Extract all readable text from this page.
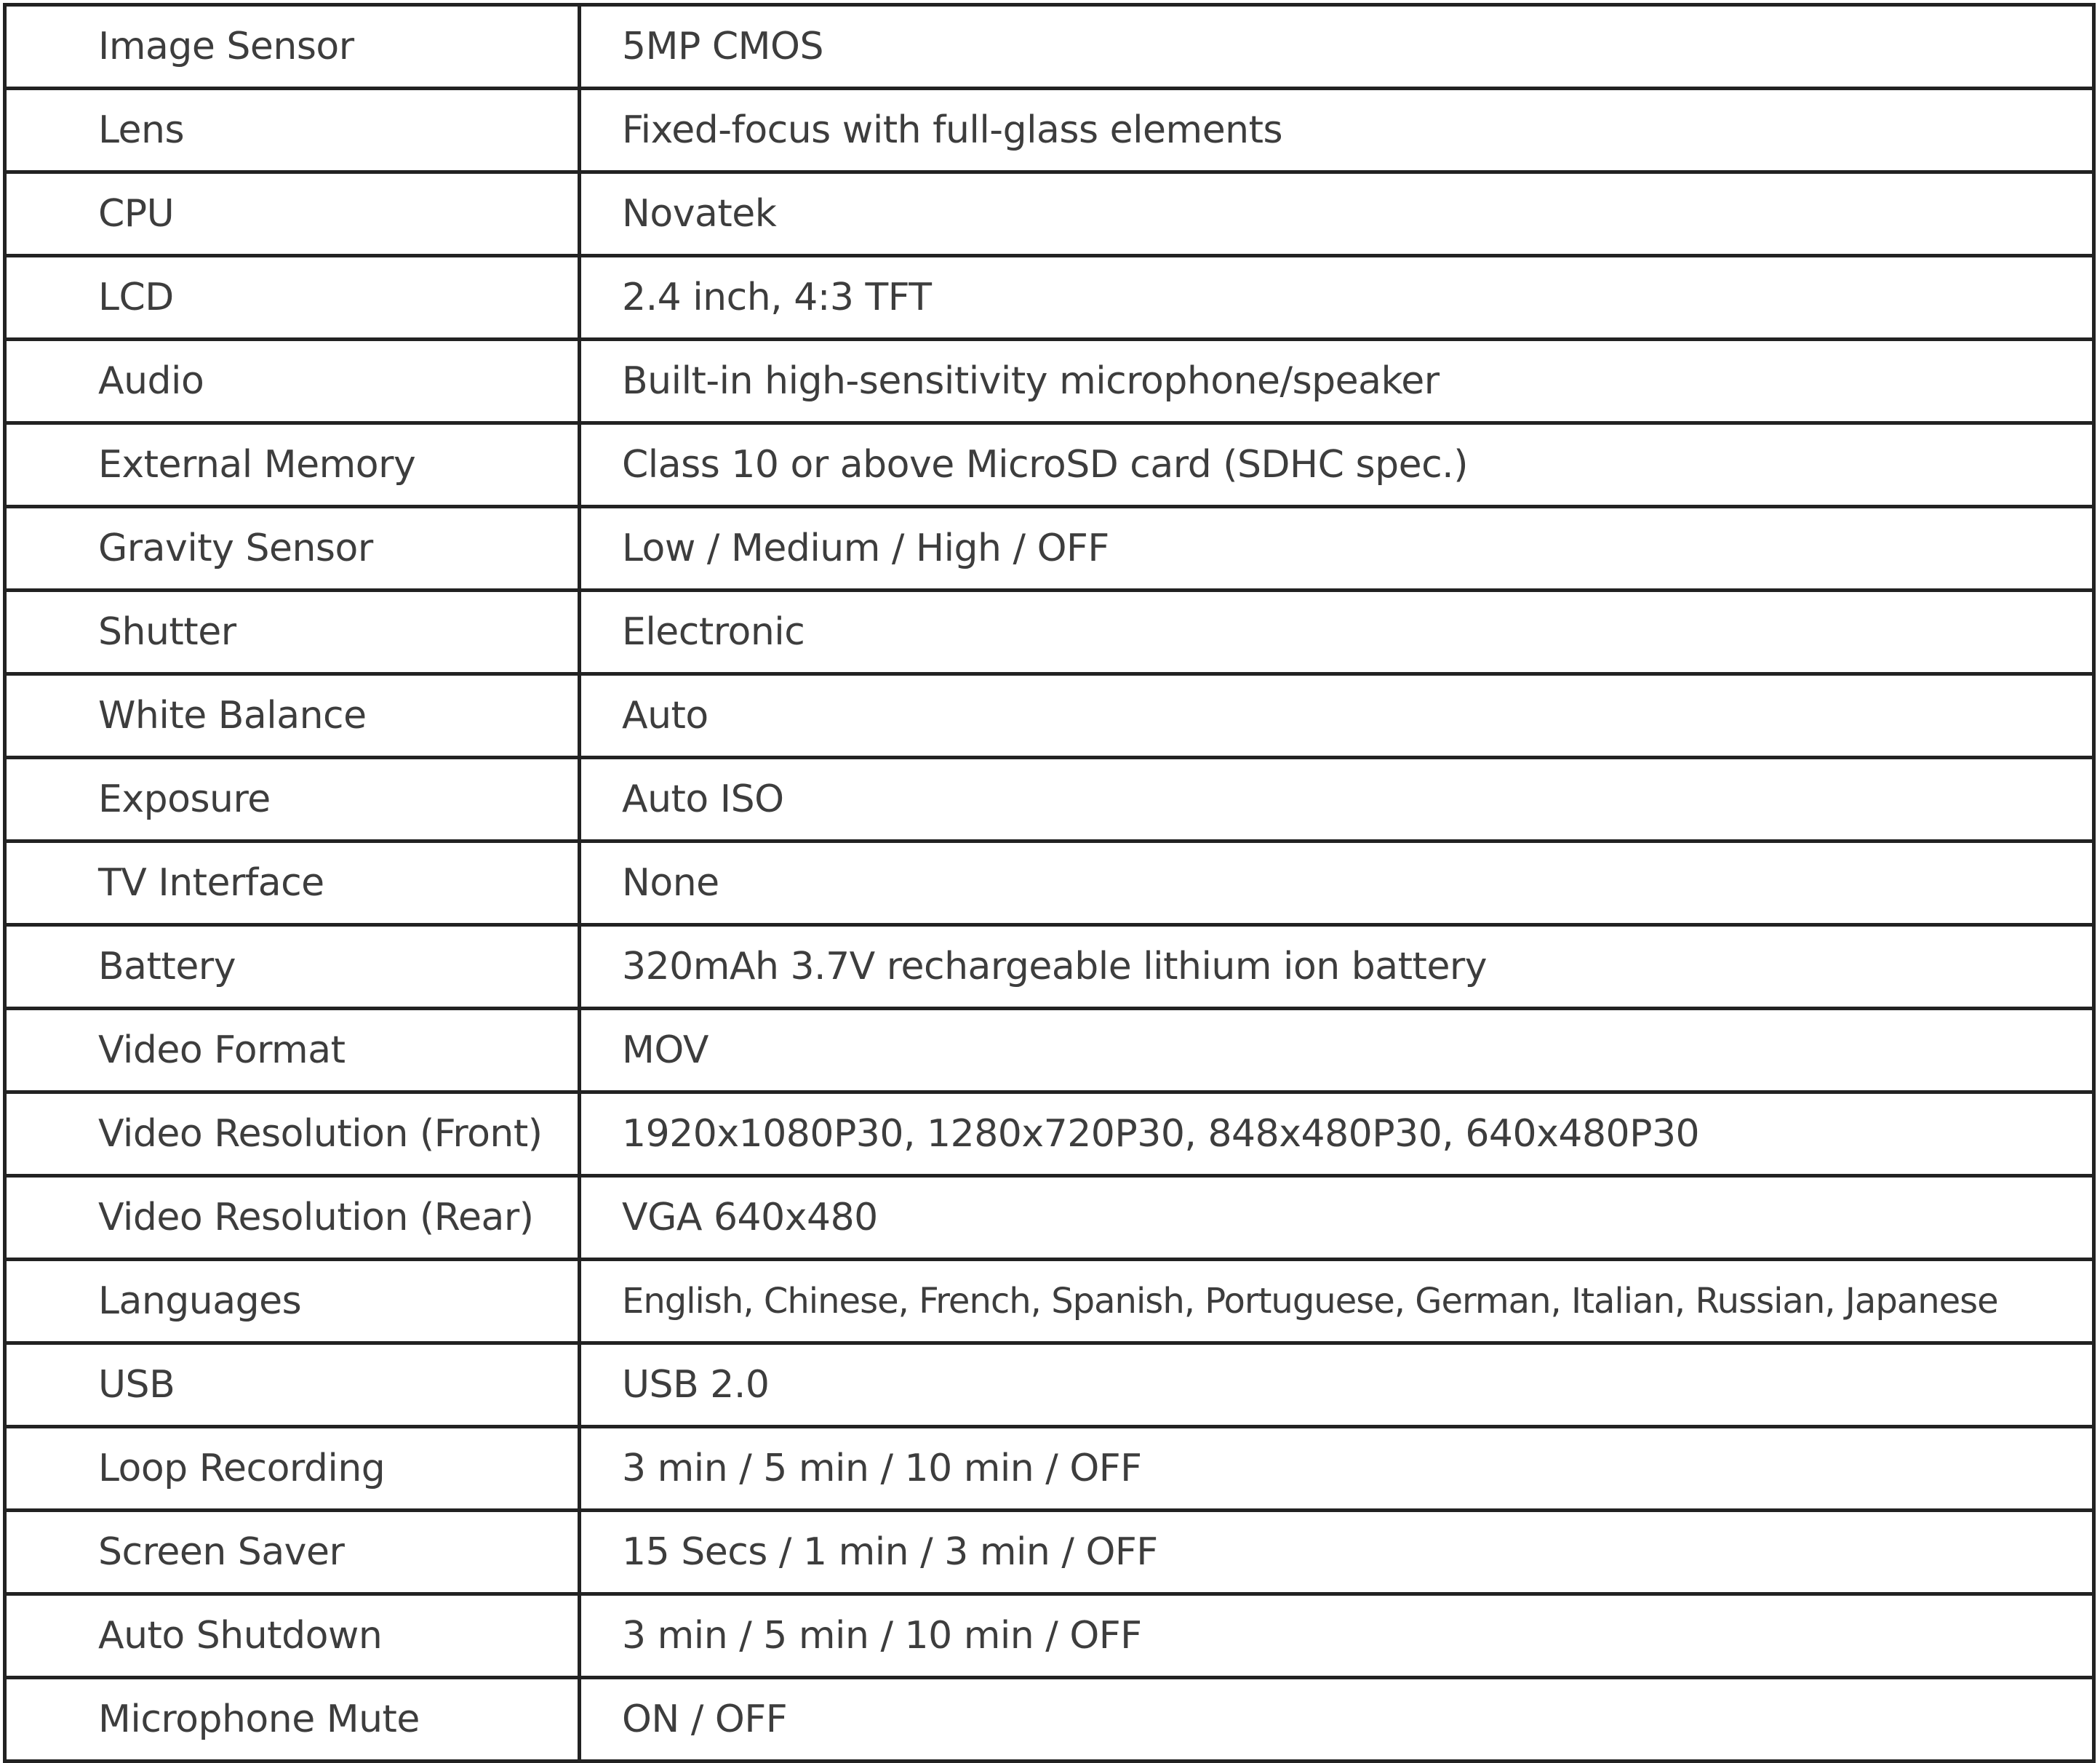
Image Sensor	5MP CMOS
Lens	Fixed-focus with full-glass elements
CPU	Novatek
LCD	2.4 inch, 4:3 TFT
Audio	Built-in high-sensitivity microphone/speaker
External Memory	Class 10 or above MicroSD card (SDHC spec.)
Gravity Sensor	Low / Medium / High / OFF
Shutter	Electronic
White Balance	Auto
Exposure	Auto ISO
TV Interface	None
Battery	320mAh 3.7V rechargeable lithium ion battery
Video Format	MOV
Video Resolution (Front)	1920x1080P30, 1280x720P30, 848x480P30, 640x480P30
Video Resolution (Rear)	VGA 640x480
Languages	English, Chinese, French, Spanish, Portuguese, German, Italian, Russian, Japanese
USB	USB 2.0
Loop Recording	3 min / 5 min / 10 min / OFF
Screen Saver	15 Secs / 1 min / 3 min / OFF
Auto Shutdown	3 min / 5 min / 10 min / OFF
Microphone Mute	ON / OFF
